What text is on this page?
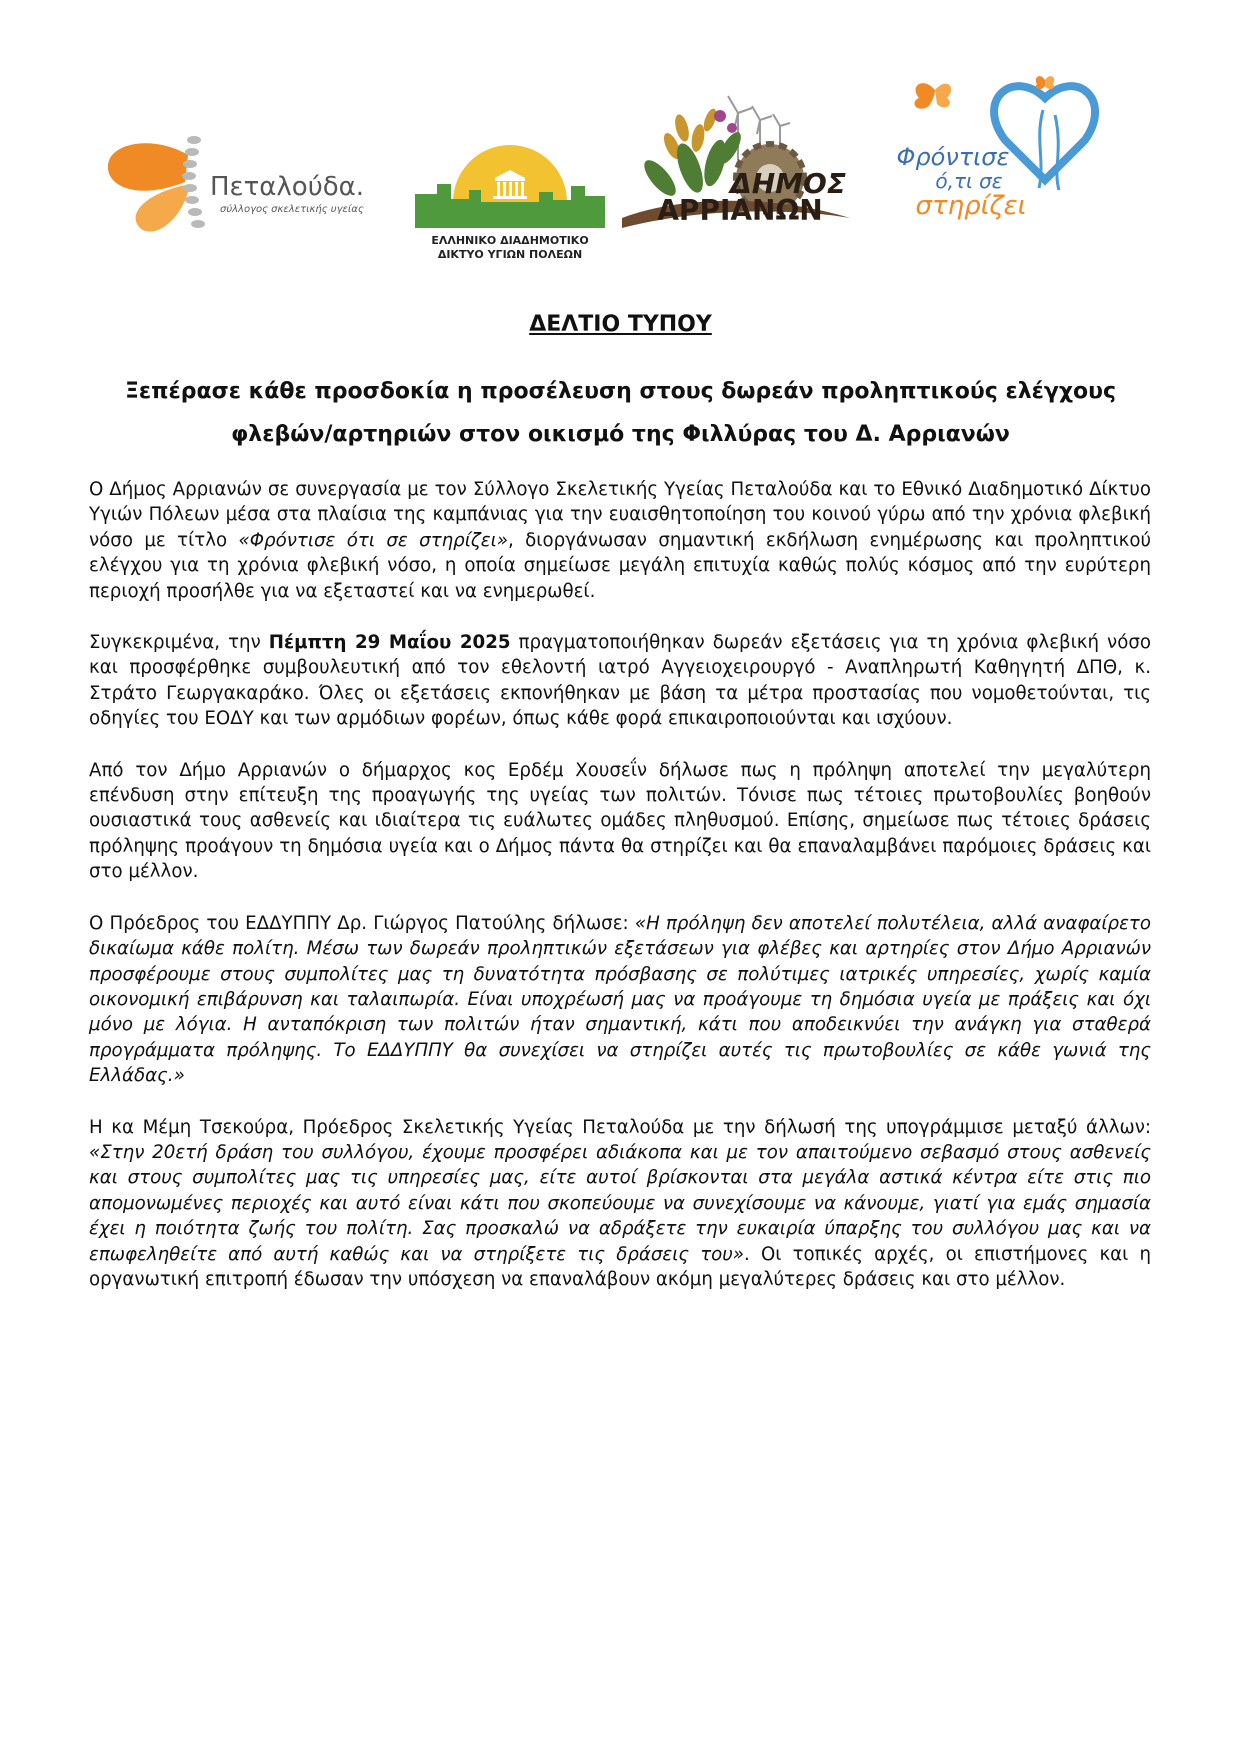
Πεταλούδα.
σύλλογος σκελετικής υγείας
ΕΛΛΗΝΙΚΟ ΔΙΑΔΗΜΟΤΙΚΟ
ΔΙΚΤΥΟ ΥΓΙΩΝ ΠΟΛΕΩΝ
ΔΗΜΟΣ
ΑΡΡΙΑΝΩΝ
Φρόντισε
ό,τι σε
στηρίζει
ΔΕΛΤΙΟ ΤΥΠΟΥ
Ξεπέρασε κάθε προσδοκία η προσέλευση στους δωρεάν προληπτικούς ελέγχους
φλεβών/αρτηριών στον οικισμό της Φιλλύρας του Δ. Αρριανών

Ο Δήμος Αρριανών σε συνεργασία με τον Σύλλογο Σκελετικής Υγείας Πεταλούδα και το Εθνικό Διαδημοτικό Δίκτυο Υγιών Πόλεων μέσα στα πλαίσια της καμπάνιας για την ευαισθητοποίηση του κοινού γύρω από την χρόνια φλεβική νόσο με τίτλο «Φρόντισε ότι σε στηρίζει», διοργάνωσαν σημαντική εκδήλωση ενημέρωσης και προληπτικού ελέγχου για τη χρόνια φλεβική νόσο, η οποία σημείωσε μεγάλη επιτυχία καθώς πολύς κόσμος από την ευρύτερη περιοχή προσήλθε για να εξεταστεί και να ενημερωθεί.

Συγκεκριμένα, την Πέμπτη 29 Μαΐου 2025 πραγματοποιήθηκαν δωρεάν εξετάσεις για τη χρόνια φλεβική νόσο και προσφέρθηκε συμβουλευτική από τον εθελοντή ιατρό Αγγειοχειρουργό - Αναπληρωτή Καθηγητή ΔΠΘ, κ. Στράτο Γεωργακαράκο. Όλες οι εξετάσεις εκπονήθηκαν με βάση τα μέτρα προστασίας που νομοθετούνται, τις οδηγίες του ΕΟΔΥ και των αρμόδιων φορέων, όπως κάθε φορά επικαιροποιούνται και ισχύουν.

Από τον Δήμο Αρριανών ο δήμαρχος κος Ερδέμ Χουσεΐν δήλωσε πως η πρόληψη αποτελεί την μεγαλύτερη επένδυση στην επίτευξη της προαγωγής της υγείας των πολιτών. Τόνισε πως τέτοιες πρωτοβουλίες βοηθούν ουσιαστικά τους ασθενείς και ιδιαίτερα τις ευάλωτες ομάδες πληθυσμού. Επίσης, σημείωσε πως τέτοιες δράσεις πρόληψης προάγουν τη δημόσια υγεία και ο Δήμος πάντα θα στηρίζει και θα επαναλαμβάνει παρόμοιες δράσεις και στο μέλλον.

Ο Πρόεδρος του ΕΔΔΥΠΠΥ Δρ. Γιώργος Πατούλης δήλωσε: «Η πρόληψη δεν αποτελεί πολυτέλεια, αλλά αναφαίρετο δικαίωμα κάθε πολίτη. Μέσω των δωρεάν προληπτικών εξετάσεων για φλέβες και αρτηρίες στον Δήμο Αρριανών προσφέρουμε στους συμπολίτες μας τη δυνατότητα πρόσβασης σε πολύτιμες ιατρικές υπηρεσίες, χωρίς καμία οικονομική επιβάρυνση και ταλαιπωρία. Είναι υποχρέωσή μας να προάγουμε τη δημόσια υγεία με πράξεις και όχι μόνο με λόγια. Η ανταπόκριση των πολιτών ήταν σημαντική, κάτι που αποδεικνύει την ανάγκη για σταθερά προγράμματα πρόληψης. Το ΕΔΔΥΠΠΥ θα συνεχίσει να στηρίζει αυτές τις πρωτοβουλίες σε κάθε γωνιά της Ελλάδας.»

Η κα Μέμη Τσεκούρα, Πρόεδρος Σκελετικής Υγείας Πεταλούδα με την δήλωσή της υπογράμμισε μεταξύ άλλων: «Στην 20ετή δράση του συλλόγου, έχουμε προσφέρει αδιάκοπα και με τον απαιτούμενο σεβασμό στους ασθενείς και στους συμπολίτες μας τις υπηρεσίες μας, είτε αυτοί βρίσκονται στα μεγάλα αστικά κέντρα είτε στις πιο απομονωμένες περιοχές και αυτό είναι κάτι που σκοπεύουμε να συνεχίσουμε να κάνουμε, γιατί για εμάς σημασία έχει η ποιότητα ζωής του πολίτη. Σας προσκαλώ να αδράξετε την ευκαιρία ύπαρξης του συλλόγου μας και να επωφεληθείτε από αυτή καθώς και να στηρίξετε τις δράσεις του». Οι τοπικές αρχές, οι επιστήμονες και η οργανωτική επιτροπή έδωσαν την υπόσχεση να επαναλάβουν ακόμη μεγαλύτερες δράσεις και στο μέλλον.
